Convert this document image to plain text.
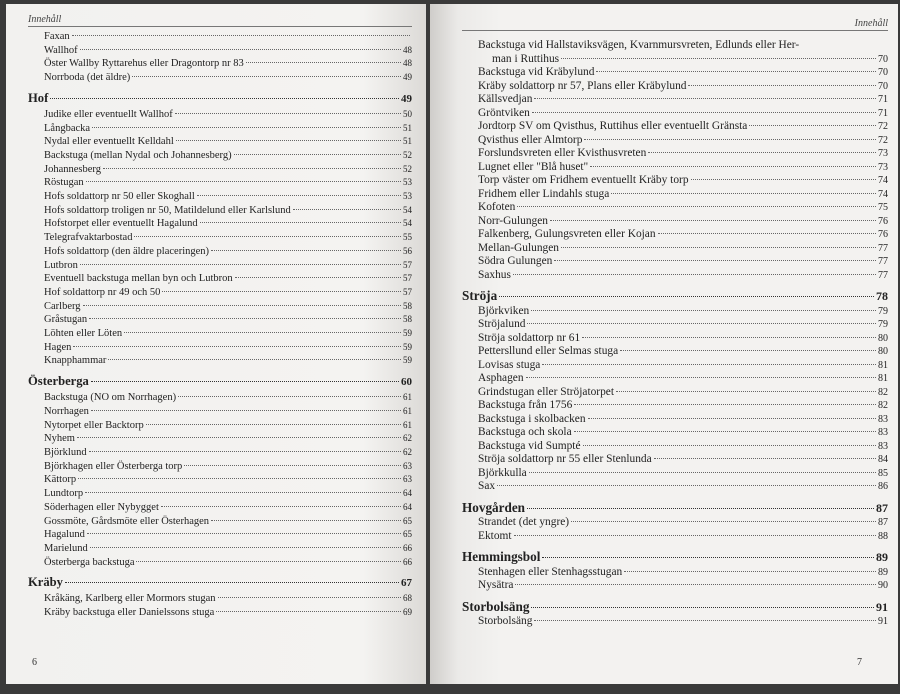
Innehåll
Faxan
Wallhof	48
Öster Wallby Ryttarehus eller Dragontorp nr 83	48
Norrboda (det äldre)	49
Hof	49
Judike eller eventuellt Wallhof	50
Långbacka	51
Nydal eller eventuellt Kelldahl	51
Backstuga (mellan Nydal och Johannesberg)	52
Johannesberg	52
Röstugan	53
Hofs soldattorp nr 50 eller Skoghall	53
Hofs soldattorp troligen nr 50, Matildelund eller Karlslund	54
Hofstorpet eller eventuellt Hagalund	54
Telegrafvaktarbostad	55
Hofs soldattorp (den äldre placeringen)	56
Lutbron	57
Eventuell backstuga mellan byn och Lutbron	57
Hof soldattorp nr 49 och 50	57
Carlberg	58
Gråstugan	58
Löhten eller Löten	59
Hagen	59
Knapphammar	59
Österberga	60
Backstuga (NO om Norrhagen)	61
Norrhagen	61
Nytorpet eller Backtorp	61
Nyhem	62
Björklund	62
Björkhagen eller Österberga torp	63
Kättorp	63
Lundtorp	64
Söderhagen eller Nybygget	64
Gossmöte, Gårdsmöte eller Österhagen	65
Hagalund	65
Marielund	66
Österberga backstuga	66
Kräby	67
Kråkäng, Karlberg eller Mormors stugan	68
Kräby backstuga eller Danielssons stuga	69
6
Innehåll
Backstuga vid Hallstaviksvägen, Kvarnmursvreten, Edlunds eller Her-
man i Ruttihus	70
Backstuga vid Kräbylund	70
Kräby soldattorp nr 57, Plans eller Kräbylund	70
Källsvedjan	71
Gröntviken	71
Jordtorp SV om Qvisthus, Ruttihus eller eventuellt Gränsta	72
Qvisthus eller Almtorp	72
Forslundsvreten eller Kvisthusvreten	73
Lugnet eller "Blå huset"	73
Torp väster om Fridhem eventuellt Kräby torp	74
Fridhem eller Lindahls stuga	74
Kofoten	75
Norr-Gulungen	76
Falkenberg, Gulungsvreten eller Kojan	76
Mellan-Gulungen	77
Södra Gulungen	77
Saxhus	77
Ströja	78
Björkviken	79
Ströjalund	79
Ströja soldattorp nr 61	80
Pettersllund eller Selmas stuga	80
Lovisas stuga	81
Asphagen	81
Grindstugan eller Ströjatorpet	82
Backstuga från 1756	82
Backstuga i skolbacken	83
Backstuga och skola	83
Backstuga vid Sumpté	83
Ströja soldattorp nr 55 eller Stenlunda	84
Björkkulla	85
Sax	86
Hovgården	87
Strandet (det yngre)	87
Ektomt	88
Hemmingsbol	89
Stenhagen eller Stenhagsstugan	89
Nysätra	90
Storbolsäng	91
Storbolsäng	91
7
